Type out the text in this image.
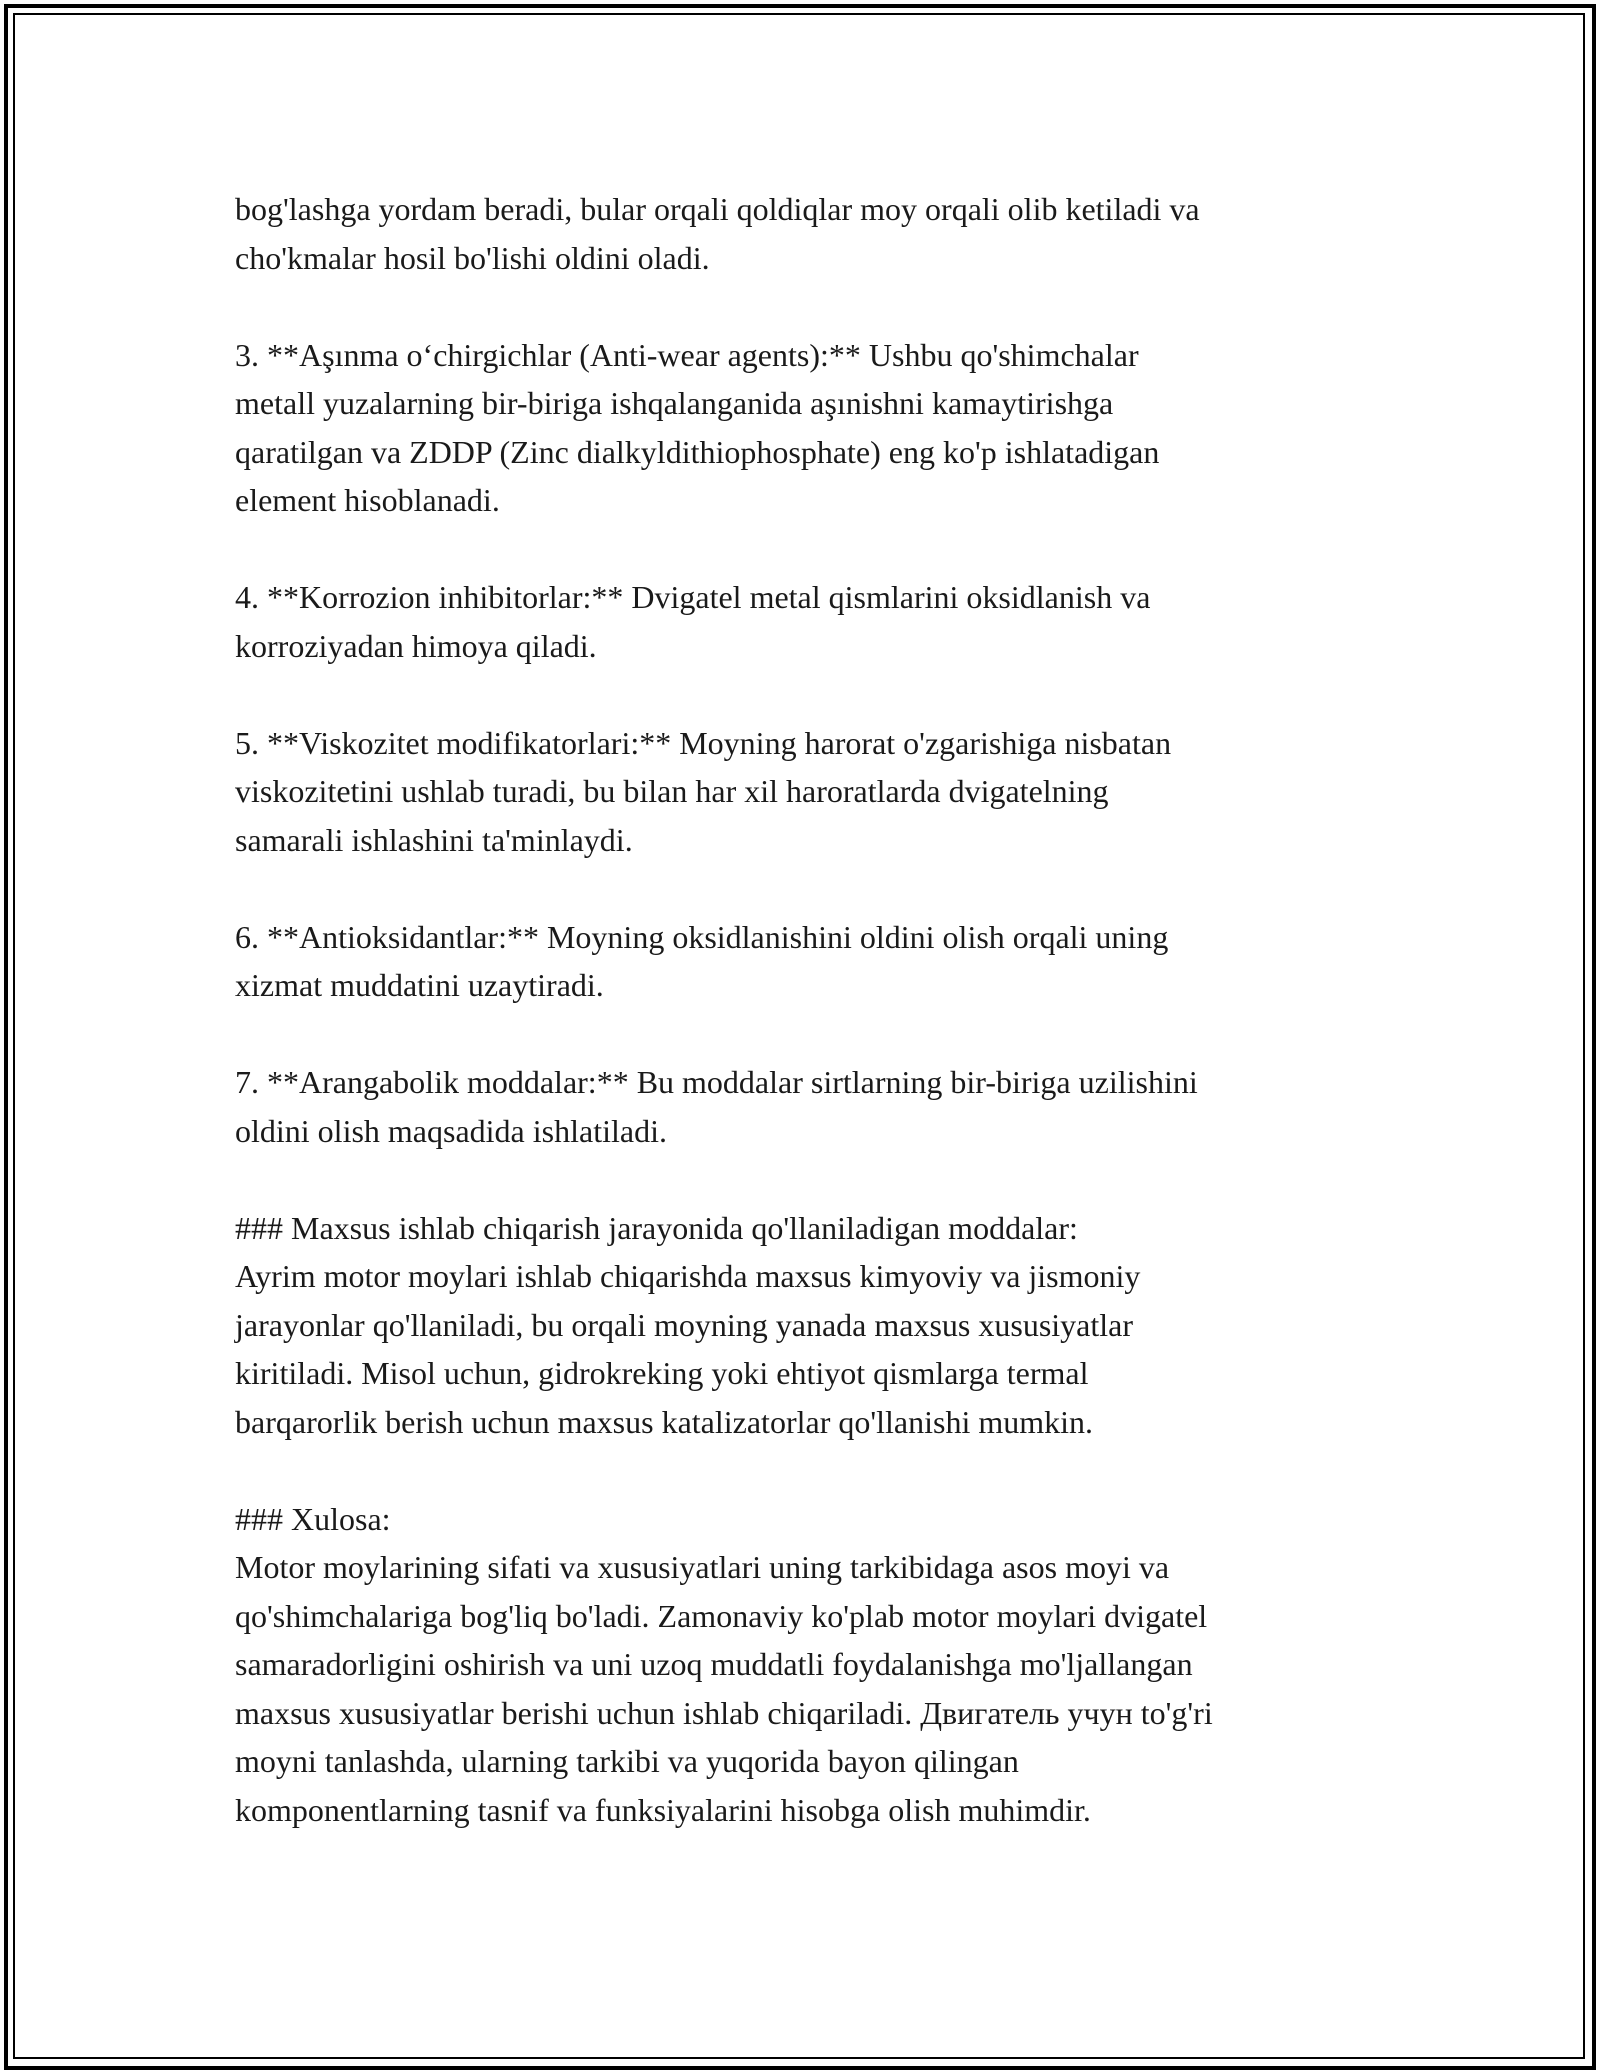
bog'lashga yordam beradi, bular orqali qoldiqlar moy orqali olib ketiladi va
cho'kmalar hosil bo'lishi oldini oladi.

3. **Aşınma o‘chirgichlar (Anti-wear agents):** Ushbu qo'shimchalar
metall yuzalarning bir-biriga ishqalanganida aşınishni kamaytirishga
qaratilgan va ZDDP (Zinc dialkyldithiophosphate) eng ko'p ishlatadigan
element hisoblanadi.

4. **Korrozion inhibitorlar:** Dvigatel metal qismlarini oksidlanish va
korroziyadan himoya qiladi.

5. **Viskozitet modifikatorlari:** Moyning harorat o'zgarishiga nisbatan
viskozitetini ushlab turadi, bu bilan har xil haroratlarda dvigatelning
samarali ishlashini ta'minlaydi.

6. **Antioksidantlar:** Moyning oksidlanishini oldini olish orqali uning
xizmat muddatini uzaytiradi.

7. **Arangabolik moddalar:** Bu moddalar sirtlarning bir-biriga uzilishini
oldini olish maqsadida ishlatiladi.

### Maxsus ishlab chiqarish jarayonida qo'llaniladigan moddalar:
Ayrim motor moylari ishlab chiqarishda maxsus kimyoviy va jismoniy
jarayonlar qo'llaniladi, bu orqali moyning yanada maxsus xususiyatlar
kiritiladi. Misol uchun, gidrokreking yoki ehtiyot qismlarga termal
barqarorlik berish uchun maxsus katalizatorlar qo'llanishi mumkin.

### Xulosa:
Motor moylarining sifati va xususiyatlari uning tarkibidaga asos moyi va
qo'shimchalariga bog'liq bo'ladi. Zamonaviy ko'plab motor moylari dvigatel
samaradorligini oshirish va uni uzoq muddatli foydalanishga mo'ljallangan
maxsus xususiyatlar berishi uchun ishlab chiqariladi. Двигатель учун to'g'ri
moyni tanlashda, ularning tarkibi va yuqorida bayon qilingan
komponentlarning tasnif va funksiyalarini hisobga olish muhimdir.
